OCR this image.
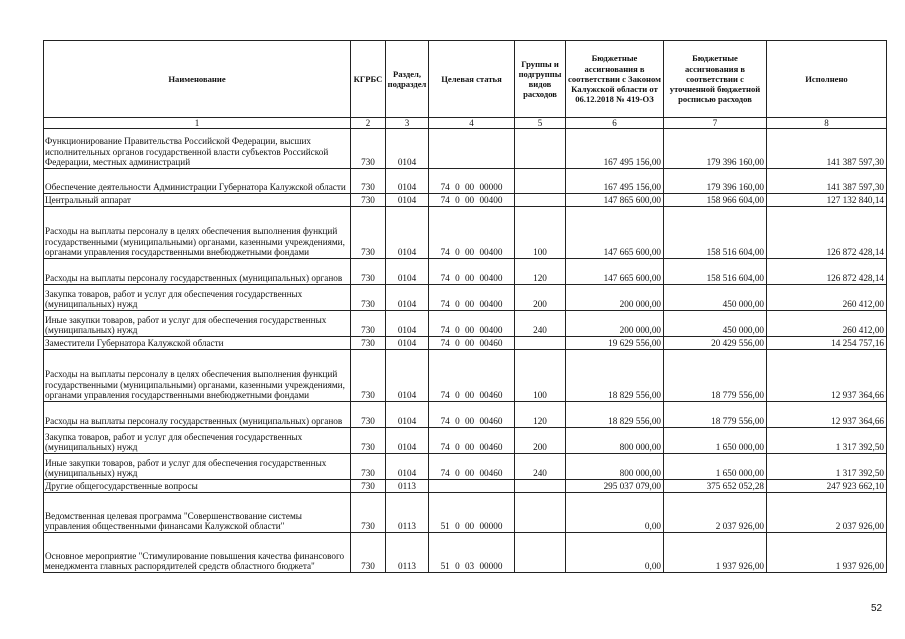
Наименование	КГРБС	Раздел, подраздел	Целевая статья	Группы и подгруппы видов расходов	Бюджетные ассигнования в соответствии с Законом Калужской области от 06.12.2018 № 419-ОЗ	Бюджетные ассигнования в соответствии с уточненной бюджетной росписью расходов	Исполнено
1	2	3	4	5	6	7	8
Функционирование Правительства Российской Федерации, высших исполнительных органов государственной власти субъектов Российской Федерации, местных администраций	730	0104			167 495 156,00	179 396 160,00	141 387 597,30
Обеспечение деятельности Администрации Губернатора Калужской области	730	0104	74 0 00 00000		167 495 156,00	179 396 160,00	141 387 597,30
Центральный аппарат	730	0104	74 0 00 00400		147 865 600,00	158 966 604,00	127 132 840,14
Расходы на выплаты персоналу в целях обеспечения выполнения функций государственными (муниципальными) органами, казенными учреждениями, органами управления государственными внебюджетными фондами	730	0104	74 0 00 00400	100	147 665 600,00	158 516 604,00	126 872 428,14
Расходы на выплаты персоналу государственных (муниципальных) органов	730	0104	74 0 00 00400	120	147 665 600,00	158 516 604,00	126 872 428,14
Закупка товаров, работ и услуг для обеспечения государственных (муниципальных) нужд	730	0104	74 0 00 00400	200	200 000,00	450 000,00	260 412,00
Иные закупки товаров, работ и услуг для обеспечения государственных (муниципальных) нужд	730	0104	74 0 00 00400	240	200 000,00	450 000,00	260 412,00
Заместители Губернатора Калужской области	730	0104	74 0 00 00460		19 629 556,00	20 429 556,00	14 254 757,16
Расходы на выплаты персоналу в целях обеспечения выполнения функций государственными (муниципальными) органами, казенными учреждениями, органами управления государственными внебюджетными фондами	730	0104	74 0 00 00460	100	18 829 556,00	18 779 556,00	12 937 364,66
Расходы на выплаты персоналу государственных (муниципальных) органов	730	0104	74 0 00 00460	120	18 829 556,00	18 779 556,00	12 937 364,66
Закупка товаров, работ и услуг для обеспечения государственных (муниципальных) нужд	730	0104	74 0 00 00460	200	800 000,00	1 650 000,00	1 317 392,50
Иные закупки товаров, работ и услуг для обеспечения государственных (муниципальных) нужд	730	0104	74 0 00 00460	240	800 000,00	1 650 000,00	1 317 392,50
Другие общегосударственные вопросы	730	0113			295 037 079,00	375 652 052,28	247 923 662,10
Ведомственная целевая программа "Совершенствование системы управления общественными финансами Калужской области"	730	0113	51 0 00 00000		0,00	2 037 926,00	2 037 926,00
Основное мероприятие "Стимулирование повышения качества финансового менеджмента главных распорядителей средств областного бюджета"	730	0113	51 0 03 00000		0,00	1 937 926,00	1 937 926,00
52
